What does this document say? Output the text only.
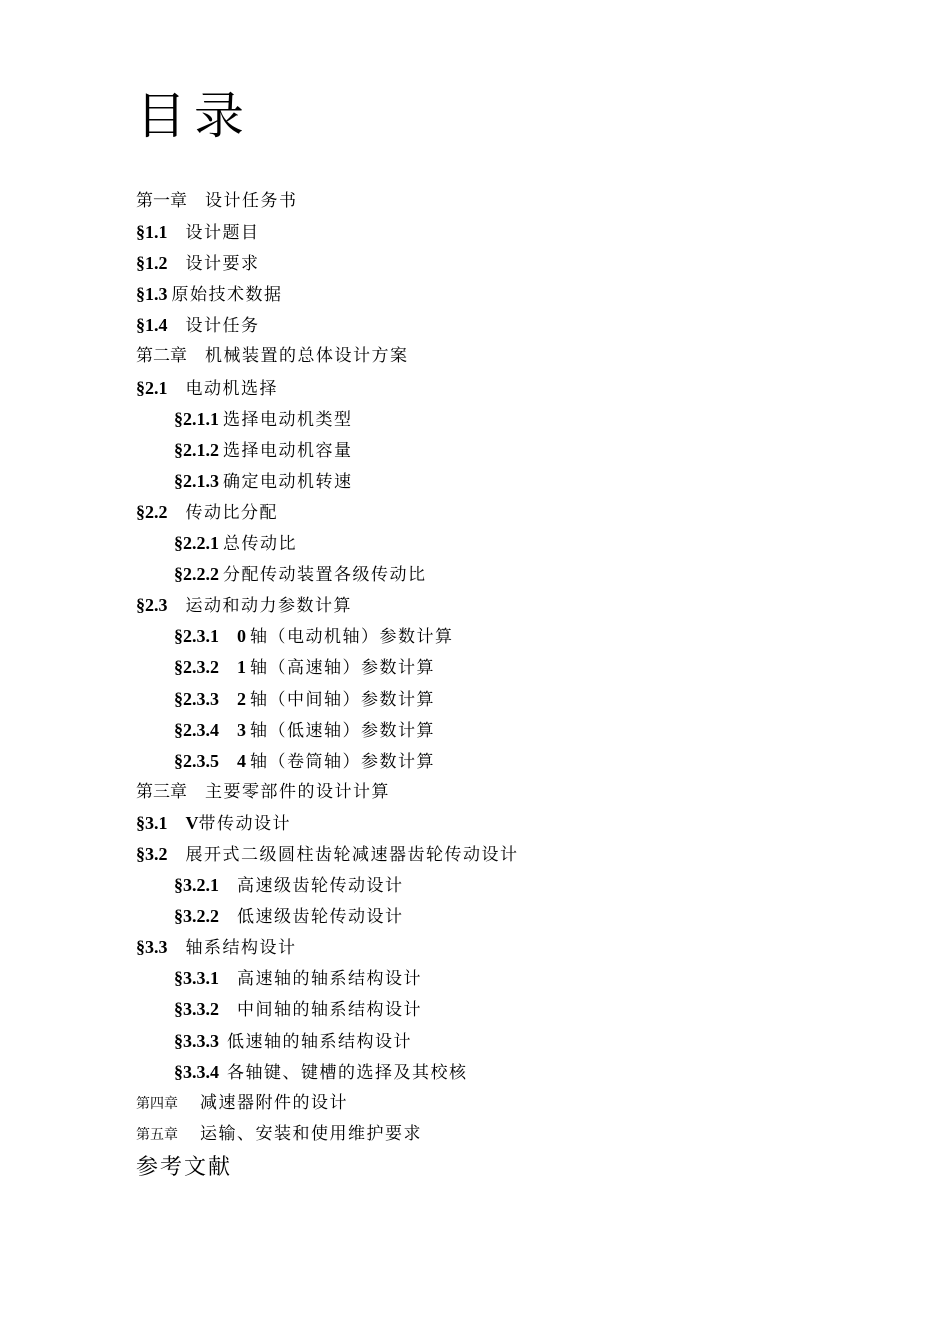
目录
第一章 设计任务书
§1.1 设计题目
§1.2 设计要求
§1.3 原始技术数据
§1.4 设计任务
第二章 机械装置的总体设计方案
§2.1 电动机选择
§2.1.1 选择电动机类型
§2.1.2 选择电动机容量
§2.1.3 确定电动机转速
§2.2 传动比分配
§2.2.1 总传动比
§2.2.2 分配传动装置各级传动比
§2.3 运动和动力参数计算
§2.3.1 0 轴（电动机轴）参数计算
§2.3.2 1 轴（高速轴）参数计算
§2.3.3 2 轴（中间轴）参数计算
§2.3.4 3 轴（低速轴）参数计算
§2.3.5 4 轴（卷筒轴）参数计算
第三章 主要零部件的设计计算
§3.1 V带传动设计
§3.2 展开式二级圆柱齿轮减速器齿轮传动设计
§3.2.1 高速级齿轮传动设计
§3.2.2 低速级齿轮传动设计
§3.3 轴系结构设计
§3.3.1 高速轴的轴系结构设计
§3.3.2 中间轴的轴系结构设计
§3.3.3 低速轴的轴系结构设计
§3.3.4 各轴键、键槽的选择及其校核
第四章 减速器附件的设计
第五章 运输、安装和使用维护要求
参考文献
